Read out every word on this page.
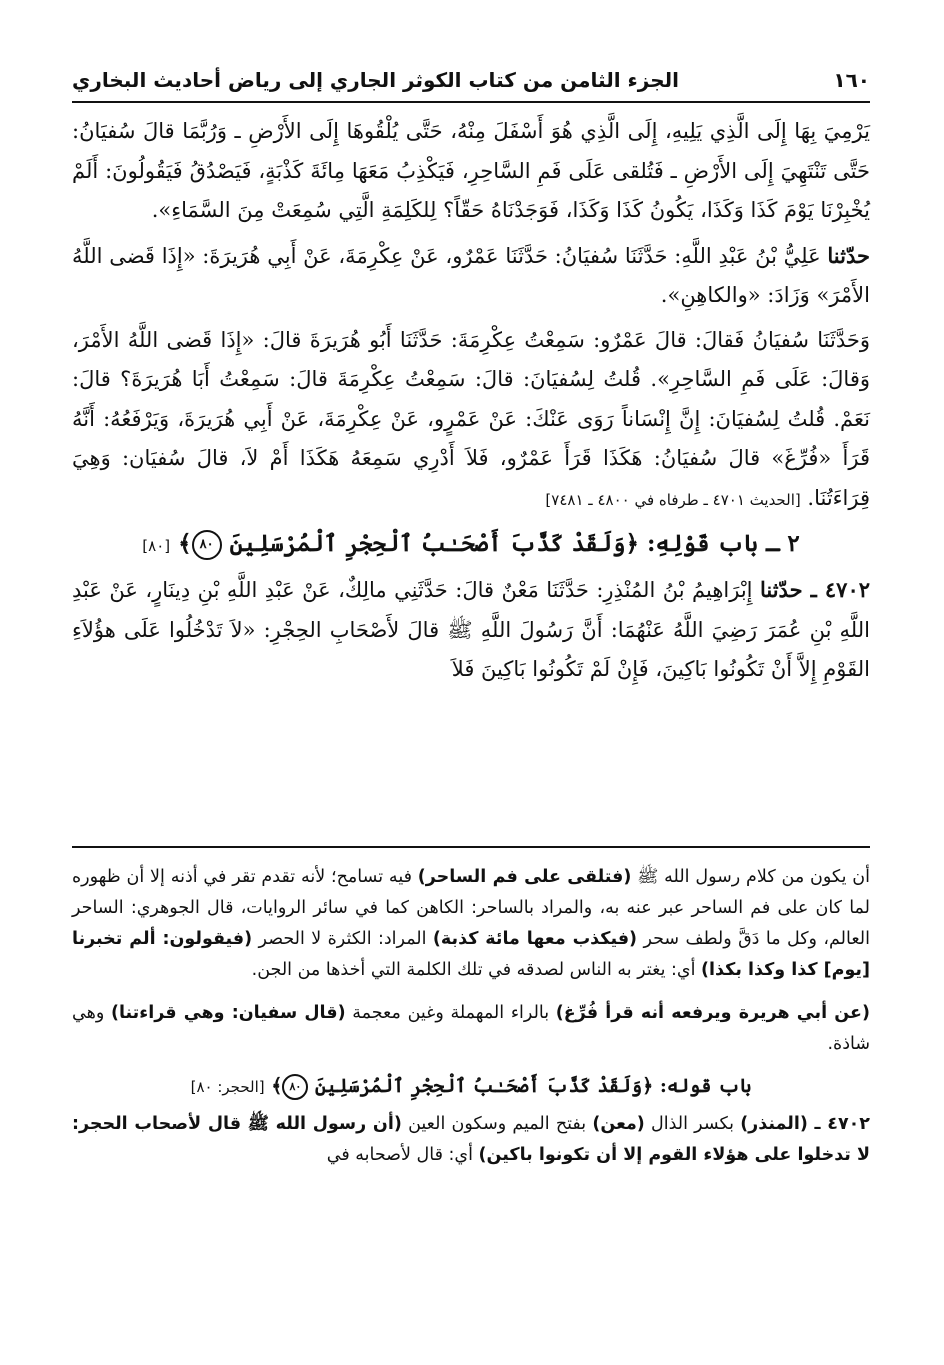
١٦٠
الجزء الثامن من كتاب الكوثر الجاري إلى رياض أحاديث البخاري

يَرْمِيَ بِهَا إِلَى الَّذِي يَلِيهِ، إِلَى الَّذِي هُوَ أَسْفَلَ مِنْهُ، حَتَّى يُلْقُوهَا إِلَى الأَرْضِ ـ وَرُبَّمَا قالَ سُفيَانُ: حَتَّى تَنْتَهِيَ إِلَى الأَرْضِ ـ فَتُلقى عَلَى فَمِ السَّاحِرِ، فَيَكْذِبُ مَعَهَا مِائَةَ كَذْبَةٍ، فَيَصْدُقُ فَيَقُولُونَ: أَلَمْ يُخْبِرْنَا يَوْمَ كَذَا وَكَذَا، يَكُونُ كَذَا وَكَذَا، فَوَجَدْنَاهُ حَقّاً؟ لِلكَلِمَةِ الَّتِي سُمِعَتْ مِنَ السَّمَاءِ».

حدّثنا عَلِيُّ بْنُ عَبْدِ اللَّهِ: حَدَّثَنَا سُفيَانُ: حَدَّثَنَا عَمْرٌو، عَنْ عِكْرِمَةَ، عَنْ أَبِي هُرَيرَةَ: «إِذَا قَضى اللَّهُ الأَمْرَ» وَزَادَ: «والكاهِنِ».

وَحَدَّثَنَا سُفيَانُ فَقالَ: قالَ عَمْرٌو: سَمِعْتُ عِكْرِمَةَ: حَدَّثَنَا أَبُو هُرَيرَةَ قالَ: «إِذَا قَضى اللَّهُ الأَمْرَ، وَقالَ: عَلَى فَمِ السَّاحِرِ». قُلتُ لِسُفيَانَ: قالَ: سَمِعْتُ عِكْرِمَةَ قالَ: سَمِعْتُ أَبَا هُرَيرَةَ؟ قالَ: نَعَمْ. قُلتُ لِسُفيَانَ: إِنَّ إِنْسَاناً رَوَى عَنْكَ: عَنْ عَمْرٍو، عَنْ عِكْرِمَةَ، عَنْ أَبِي هُرَيرَةَ، وَيَرْفَعُهُ: أَنَّهُ قَرَأَ «فُرِّغَ» قالَ سُفيَانُ: هَكَذَا قَرَأَ عَمْرٌو، فَلاَ أَدْرِي سَمِعَهُ هَكَذَا أَمْ لاَ، قالَ سُفيَان: وَهِيَ قِرَاءَتُنَا. [الحديث ٤٧٠١ ـ طرفاه في ٤٨٠٠ ـ ٧٤٨١]

٢ ـ باب قَوْلِهِ: ﴿وَلَقَدْ كَذَّبَ أَصْحَـٰبُ ٱلْحِجْرِ ٱلْمُرْسَلِينَ ٨٠﴾ [٨٠]

٤٧٠٢ ـ حدّثنا إِبْرَاهِيمُ بْنُ المُنْذِرِ: حَدَّثَنَا مَعْنٌ قالَ: حَدَّثَنِي مالِكٌ، عَنْ عَبْدِ اللَّهِ بْنِ دِينَارٍ، عَنْ عَبْدِ اللَّهِ بْنِ عُمَرَ رَضِيَ اللَّهُ عَنْهُمَا: أَنَّ رَسُولَ اللَّهِ ﷺ قالَ لأَصْحَابِ الحِجْرِ: «لاَ تَدْخُلُوا عَلَى هؤُلاَءِ القَوْمِ إِلاَّ أَنْ تَكُونُوا بَاكِينَ، فَإِنْ لَمْ تَكُونُوا بَاكِينَ فَلاَ

أن يكون من كلام رسول الله ﷺ (فتلقى على فم الساحر) فيه تسامح؛ لأنه تقدم تقر في أذنه إلا أن ظهوره لما كان على فم الساحر عبر عنه به، والمراد بالساحر: الكاهن كما في سائر الروايات، قال الجوهري: الساحر العالم، وكل ما دَقَّ ولطف سحر (فيكذب معها مائة كذبة) المراد: الكثرة لا الحصر (فيقولون: ألم تخبرنا [يوم] كذا وكذا بكذا) أي: يغتر به الناس لصدقه في تلك الكلمة التي أخذها من الجن.

(عن أبي هريرة ويرفعه أنه قرأ فُرِّغ) بالراء المهملة وغين معجمة (قال سفيان: وهي قراءتنا) وهي شاذة.

باب قوله: ﴿وَلَقَدْ كَذَّبَ أَصْحَـٰبُ ٱلْحِجْرِ ٱلْمُرْسَلِينَ ٨٠﴾ [الحجر: ٨٠]

٤٧٠٢ ـ (المنذر) بكسر الذال (معن) بفتح الميم وسكون العين (أن رسول الله ﷺ قال لأصحاب الحجر: لا تدخلوا على هؤلاء القوم إلا أن تكونوا باكين) أي: قال لأصحابه في
